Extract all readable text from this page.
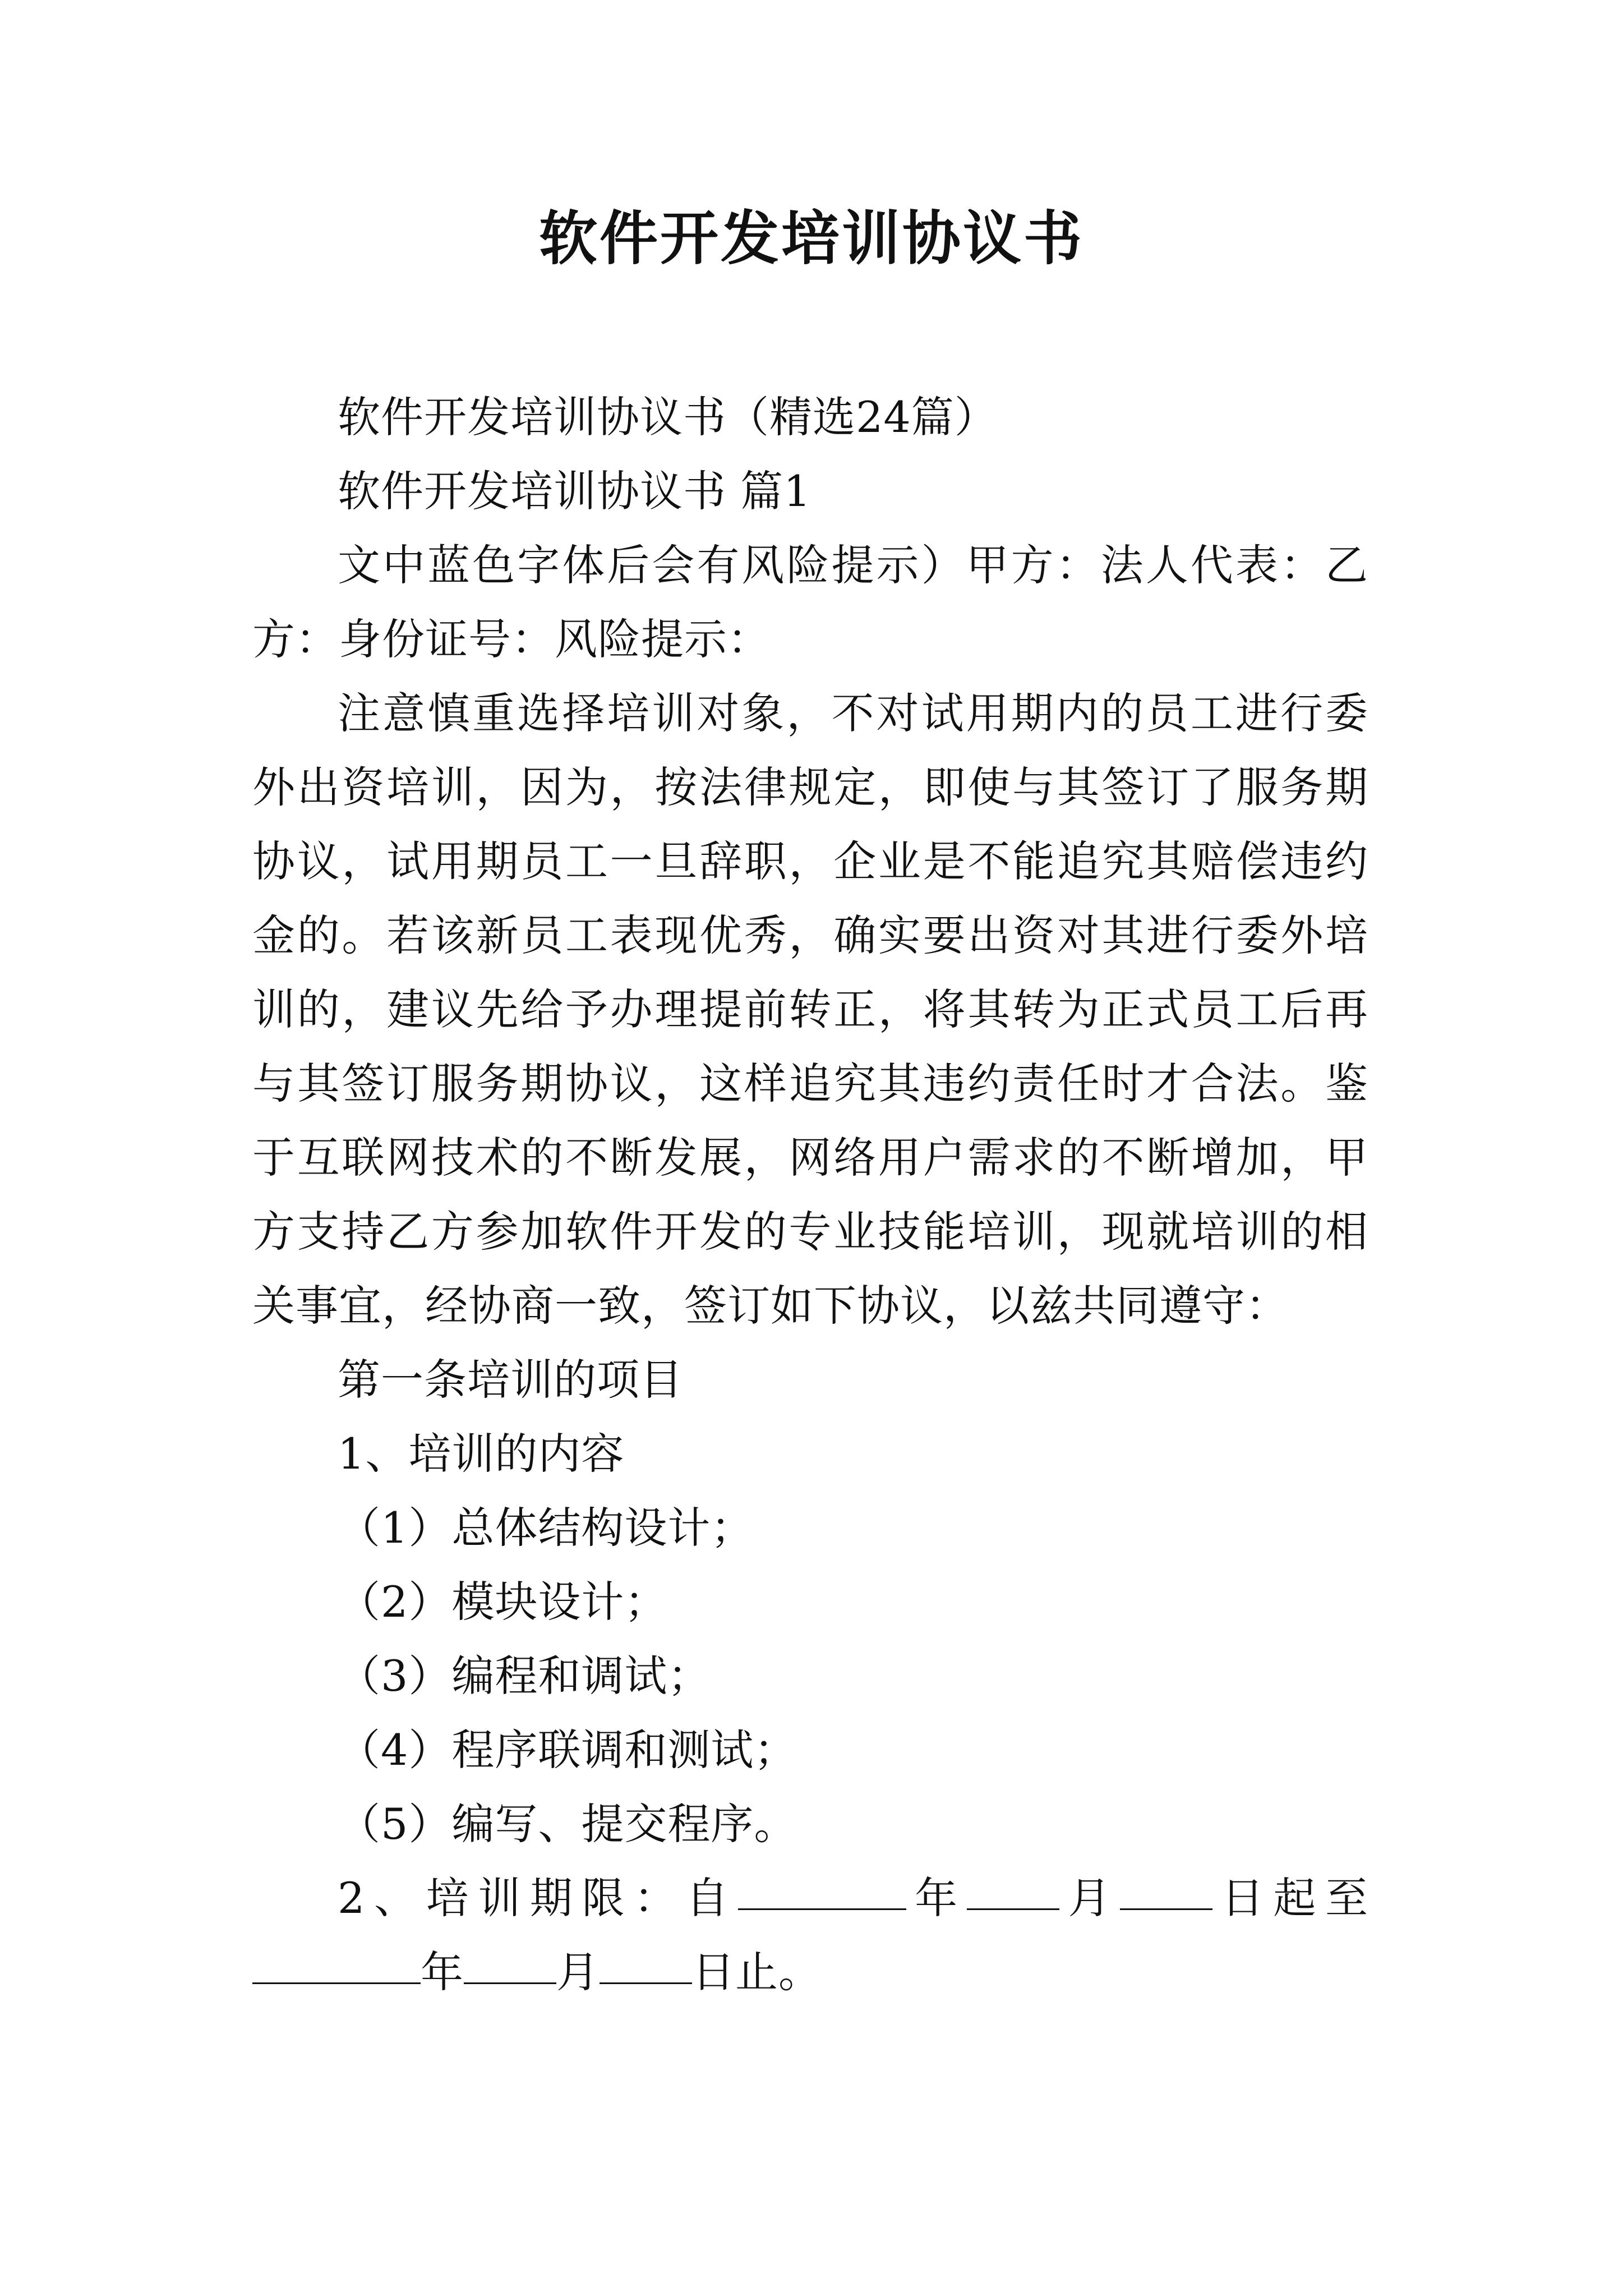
软件开发培训协议书

软件开发培训协议书（精选24篇）

软件开发培训协议书 篇1

文中蓝色字体后会有风险提示）甲方：法人代表：乙方：身份证号：风险提示：

注意慎重选择培训对象，不对试用期内的员工进行委外出资培训，因为，按法律规定，即使与其签订了服务期协议，试用期员工一旦辞职，企业是不能追究其赔偿违约金的。若该新员工表现优秀，确实要出资对其进行委外培训的，建议先给予办理提前转正，将其转为正式员工后再与其签订服务期协议，这样追究其违约责任时才合法。鉴于互联网技术的不断发展，网络用户需求的不断增加，甲方支持乙方参加软件开发的专业技能培训，现就培训的相关事宜，经协商一致，签订如下协议，以兹共同遵守：

第一条培训的项目

1、培训的内容

（1）总体结构设计；

（2）模块设计；

（3）编程和调试；

（4）程序联调和测试；

（5）编写、提交程序。

2、培训期限：自	年 月 日起至年 月 日止。
